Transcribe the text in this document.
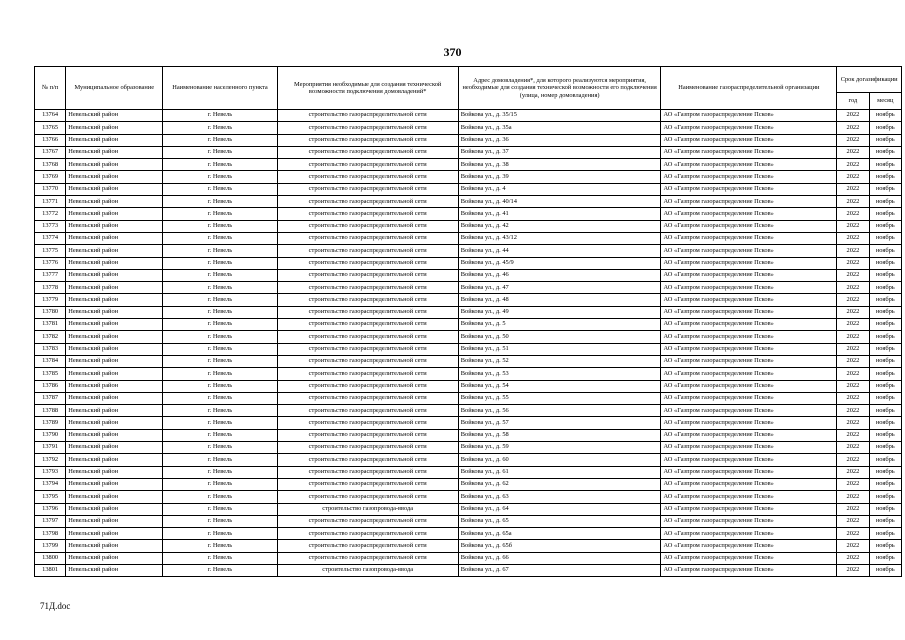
370
№ п/п	Муниципальное образование	Наименование населенного пункта	Мероприятия необходимые для создания технической возможности подключения домовладений*	Адрес домовладения*, для которого реализуются мероприятия, необходимые для создания технической возможности его подключения (улица, номер домовладения)	Наименование газораспределительной организации	Срок догазификации	
						год	месяц
13764	Невельский район	г. Невель	строительство газораспределительной сети	Войкова ул., д. 35/15	АО «Газпром газораспределение Псков»	2022	ноябрь
13765	Невельский район	г. Невель	строительство газораспределительной сети	Войкова ул., д. 35а	АО «Газпром газораспределение Псков»	2022	ноябрь
13766	Невельский район	г. Невель	строительство газораспределительной сети	Войкова ул., д. 36	АО «Газпром газораспределение Псков»	2022	ноябрь
13767	Невельский район	г. Невель	строительство газораспределительной сети	Войкова ул., д. 37	АО «Газпром газораспределение Псков»	2022	ноябрь
13768	Невельский район	г. Невель	строительство газораспределительной сети	Войкова ул., д. 38	АО «Газпром газораспределение Псков»	2022	ноябрь
13769	Невельский район	г. Невель	строительство газораспределительной сети	Войкова ул., д. 39	АО «Газпром газораспределение Псков»	2022	ноябрь
13770	Невельский район	г. Невель	строительство газораспределительной сети	Войкова ул., д. 4	АО «Газпром газораспределение Псков»	2022	ноябрь
13771	Невельский район	г. Невель	строительство газораспределительной сети	Войкова ул., д. 40/14	АО «Газпром газораспределение Псков»	2022	ноябрь
13772	Невельский район	г. Невель	строительство газораспределительной сети	Войкова ул., д. 41	АО «Газпром газораспределение Псков»	2022	ноябрь
13773	Невельский район	г. Невель	строительство газораспределительной сети	Войкова ул., д. 42	АО «Газпром газораспределение Псков»	2022	ноябрь
13774	Невельский район	г. Невель	строительство газораспределительной сети	Войкова ул., д. 43/12	АО «Газпром газораспределение Псков»	2022	ноябрь
13775	Невельский район	г. Невель	строительство газораспределительной сети	Войкова ул., д. 44	АО «Газпром газораспределение Псков»	2022	ноябрь
13776	Невельский район	г. Невель	строительство газораспределительной сети	Войкова ул., д. 45/9	АО «Газпром газораспределение Псков»	2022	ноябрь
13777	Невельский район	г. Невель	строительство газораспределительной сети	Войкова ул., д. 46	АО «Газпром газораспределение Псков»	2022	ноябрь
13778	Невельский район	г. Невель	строительство газораспределительной сети	Войкова ул., д. 47	АО «Газпром газораспределение Псков»	2022	ноябрь
13779	Невельский район	г. Невель	строительство газораспределительной сети	Войкова ул., д. 48	АО «Газпром газораспределение Псков»	2022	ноябрь
13780	Невельский район	г. Невель	строительство газораспределительной сети	Войкова ул., д. 49	АО «Газпром газораспределение Псков»	2022	ноябрь
13781	Невельский район	г. Невель	строительство газораспределительной сети	Войкова ул., д. 5	АО «Газпром газораспределение Псков»	2022	ноябрь
13782	Невельский район	г. Невель	строительство газораспределительной сети	Войкова ул., д. 50	АО «Газпром газораспределение Псков»	2022	ноябрь
13783	Невельский район	г. Невель	строительство газораспределительной сети	Войкова ул., д. 51	АО «Газпром газораспределение Псков»	2022	ноябрь
13784	Невельский район	г. Невель	строительство газораспределительной сети	Войкова ул., д. 52	АО «Газпром газораспределение Псков»	2022	ноябрь
13785	Невельский район	г. Невель	строительство газораспределительной сети	Войкова ул., д. 53	АО «Газпром газораспределение Псков»	2022	ноябрь
13786	Невельский район	г. Невель	строительство газораспределительной сети	Войкова ул., д. 54	АО «Газпром газораспределение Псков»	2022	ноябрь
13787	Невельский район	г. Невель	строительство газораспределительной сети	Войкова ул., д. 55	АО «Газпром газораспределение Псков»	2022	ноябрь
13788	Невельский район	г. Невель	строительство газораспределительной сети	Войкова ул., д. 56	АО «Газпром газораспределение Псков»	2022	ноябрь
13789	Невельский район	г. Невель	строительство газораспределительной сети	Войкова ул., д. 57	АО «Газпром газораспределение Псков»	2022	ноябрь
13790	Невельский район	г. Невель	строительство газораспределительной сети	Войкова ул., д. 58	АО «Газпром газораспределение Псков»	2022	ноябрь
13791	Невельский район	г. Невель	строительство газораспределительной сети	Войкова ул., д. 59	АО «Газпром газораспределение Псков»	2022	ноябрь
13792	Невельский район	г. Невель	строительство газораспределительной сети	Войкова ул., д. 60	АО «Газпром газораспределение Псков»	2022	ноябрь
13793	Невельский район	г. Невель	строительство газораспределительной сети	Войкова ул., д. 61	АО «Газпром газораспределение Псков»	2022	ноябрь
13794	Невельский район	г. Невель	строительство газораспределительной сети	Войкова ул., д. 62	АО «Газпром газораспределение Псков»	2022	ноябрь
13795	Невельский район	г. Невель	строительство газораспределительной сети	Войкова ул., д. 63	АО «Газпром газораспределение Псков»	2022	ноябрь
13796	Невельский район	г. Невель	строительство газопровода-ввода	Войкова ул., д. 64	АО «Газпром газораспределение Псков»	2022	ноябрь
13797	Невельский район	г. Невель	строительство газораспределительной сети	Войкова ул., д. 65	АО «Газпром газораспределение Псков»	2022	ноябрь
13798	Невельский район	г. Невель	строительство газораспределительной сети	Войкова ул., д. 65а	АО «Газпром газораспределение Псков»	2022	ноябрь
13799	Невельский район	г. Невель	строительство газораспределительной сети	Войкова ул., д. 65б	АО «Газпром газораспределение Псков»	2022	ноябрь
13800	Невельский район	г. Невель	строительство газораспределительной сети	Войкова ул., д. 66	АО «Газпром газораспределение Псков»	2022	ноябрь
13801	Невельский район	г. Невель	строительство газопровода-ввода	Войкова ул., д. 67	АО «Газпром газораспределение Псков»	2022	ноябрь
71Д.doc
